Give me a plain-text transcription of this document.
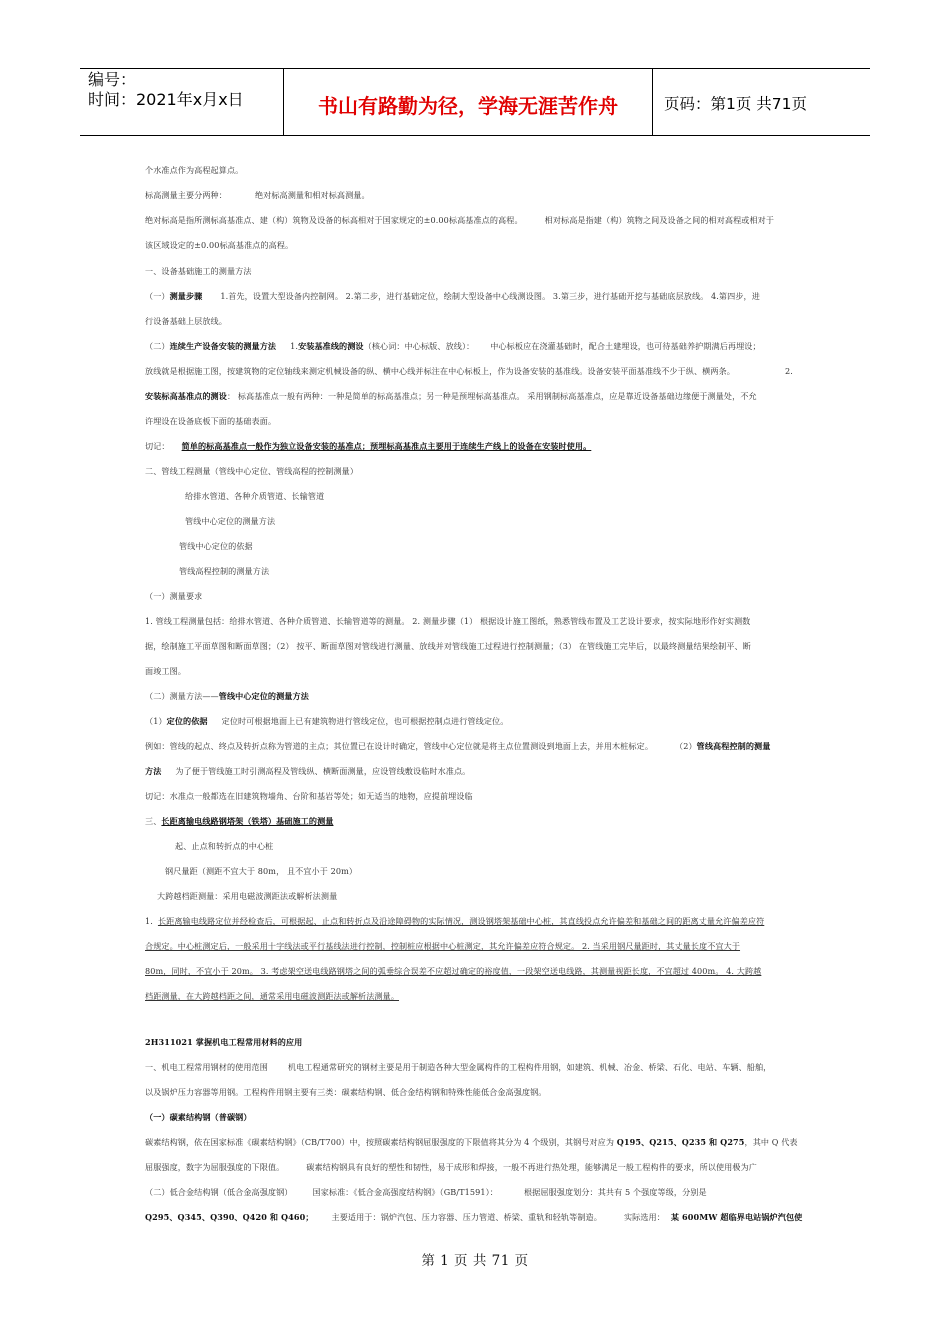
编号：
时间：2021年x月x日	书山有路勤为径，学海无涯苦作舟	页码：第1页 共71页
个水准点作为高程起算点。
标高测量主要分两种：	绝对标高测量和相对标高测量。
绝对标高是指所测标高基准点、建（构）筑物及设备的标高相对于国家规定的±0.00标高基准点的高程。	相对标高是指建（构）筑物之间及设备之间的相对高程或相对于
该区域设定的±0.00标高基准点的高程。
一、设备基础施工的测量方法
（一）测量步骤 1.首先，设置大型设备内控制网。 2.第二步，进行基础定位，绘制大型设备中心线测设图。 3.第三步，进行基础开挖与基础底层放线。 4.第四步，进
行设备基础上层放线。
（二）连续生产设备安装的测量方法 1.安装基准线的测设（核心词：中心标版、放线）： 中心标板应在浇灌基础时，配合土建埋设，也可待基础养护期满后再埋设；
放线就是根据施工图，按建筑物的定位轴线来测定机械设备的纵、横中心线并标注在中心标板上，作为设备安装的基准线。设备安装平面基准线不少于纵、横两条。	2.
安装标高基准点的测设： 标高基准点一般有两种：一种是简单的标高基准点；另一种是预埋标高基准点。 采用钢制标高基准点，应是靠近设备基础边缘便于测量处，不允
许埋设在设备底板下面的基础表面。
切记： 简单的标高基准点一般作为独立设备安装的基准点；预埋标高基准点主要用于连续生产线上的设备在安装时使用。
二、管线工程测量（管线中心定位、管线高程的控制测量）
给排水管道、各种介质管道、长输管道
管线中心定位的测量方法
管线中心定位的依据
管线高程控制的测量方法
（一）测量要求
1. 管线工程测量包括：给排水管道、各种介质管道、长输管道等的测量。 2. 测量步骤（1） 根据设计施工图纸，熟悉管线布置及工艺设计要求，按实际地形作好实测数
据，绘制施工平面草图和断面草图；（2） 按平、断面草图对管线进行测量、放线并对管线施工过程进行控制测量；（3） 在管线施工完毕后，以最终测量结果绘制平、断
面竣工图。
（二）测量方法——管线中心定位的测量方法
（1）定位的依据 定位时可根据地面上已有建筑物进行管线定位，也可根据控制点进行管线定位。
例如：管线的起点、终点及转折点称为管道的主点；其位置已在设计时确定，管线中心定位就是将主点位置测设到地面上去，并用木桩标定。	（2）管线高程控制的测量
方法 为了便于管线施工时引测高程及管线纵、横断面测量，应设管线敷设临时水准点。
切记：水准点一般都选在旧建筑物墙角、台阶和基岩等处；如无适当的地物，应提前埋设临
三、长距离输电线路钢塔架（铁塔）基础施工的测量
起、止点和转折点的中心桩
钢尺量距（测距不宜大于 80m， 且不宜小于 20m）
大跨越档距测量：采用电磁波测距法或解析法测量
1. 长距离输电线路定位并经检查后，可根据起、止点和转折点及沿途障碍物的实际情况，测设钢塔架基础中心桩，其直线投点允许偏差和基础之间的距离丈量允许偏差应符
合规定。中心桩测定后，一般采用十字线法或平行基线法进行控制，控制桩应根据中心桩测定，其允许偏差应符合规定。 2. 当采用钢尺量距时，其丈量长度不宜大于
80m，同时，不宜小于 20m。 3. 考虑架空送电线路钢塔之间的弧垂综合误差不应超过确定的裕度值，一段架空送电线路，其测量视距长度，不宜超过 400m。 4. 大跨越
档距测量，在大跨越档距之间，通常采用电磁波测距法或解析法测量。
2H311021 掌握机电工程常用材料的应用
一、机电工程常用钢材的使用范围 机电工程通常研究的钢材主要是用于制造各种大型金属构件的工程构件用钢，如建筑、机械、冶金、桥梁、石化、电站、车辆、船舶，
以及锅炉压力容器等用钢。工程构件用钢主要有三类：碳素结构钢、低合金结构钢和特殊性能低合金高强度钢。
（一）碳素结构钢（普碳钢）
碳素结构钢，依在国家标准《碳素结构钢》（CB/T700）中，按照碳素结构钢屈服强度的下限值将其分为 4 个级别，其钢号对应为 Q195、Q215、Q235 和 Q275，其中 Q 代表
屈服强度，数字为屈服强度的下限值。	碳素结构钢具有良好的塑性和韧性，易于成形和焊接，一般不再进行热处理，能够满足一般工程构件的要求，所以使用极为广
（二）低合金结构钢（低合金高强度钢） 国家标准：《低合金高强度结构钢》（GB/T1591）：	根据屈服强度划分：其共有 5 个强度等级，分别是
Q295、Q345、Q390、Q420 和 Q460； 主要适用于：锅炉汽包、压力容器、压力管道、桥梁、重轨和轻轨等制造。	实际选用： 某 600MW 超临界电站锅炉汽包使
第 1 页 共 71 页
